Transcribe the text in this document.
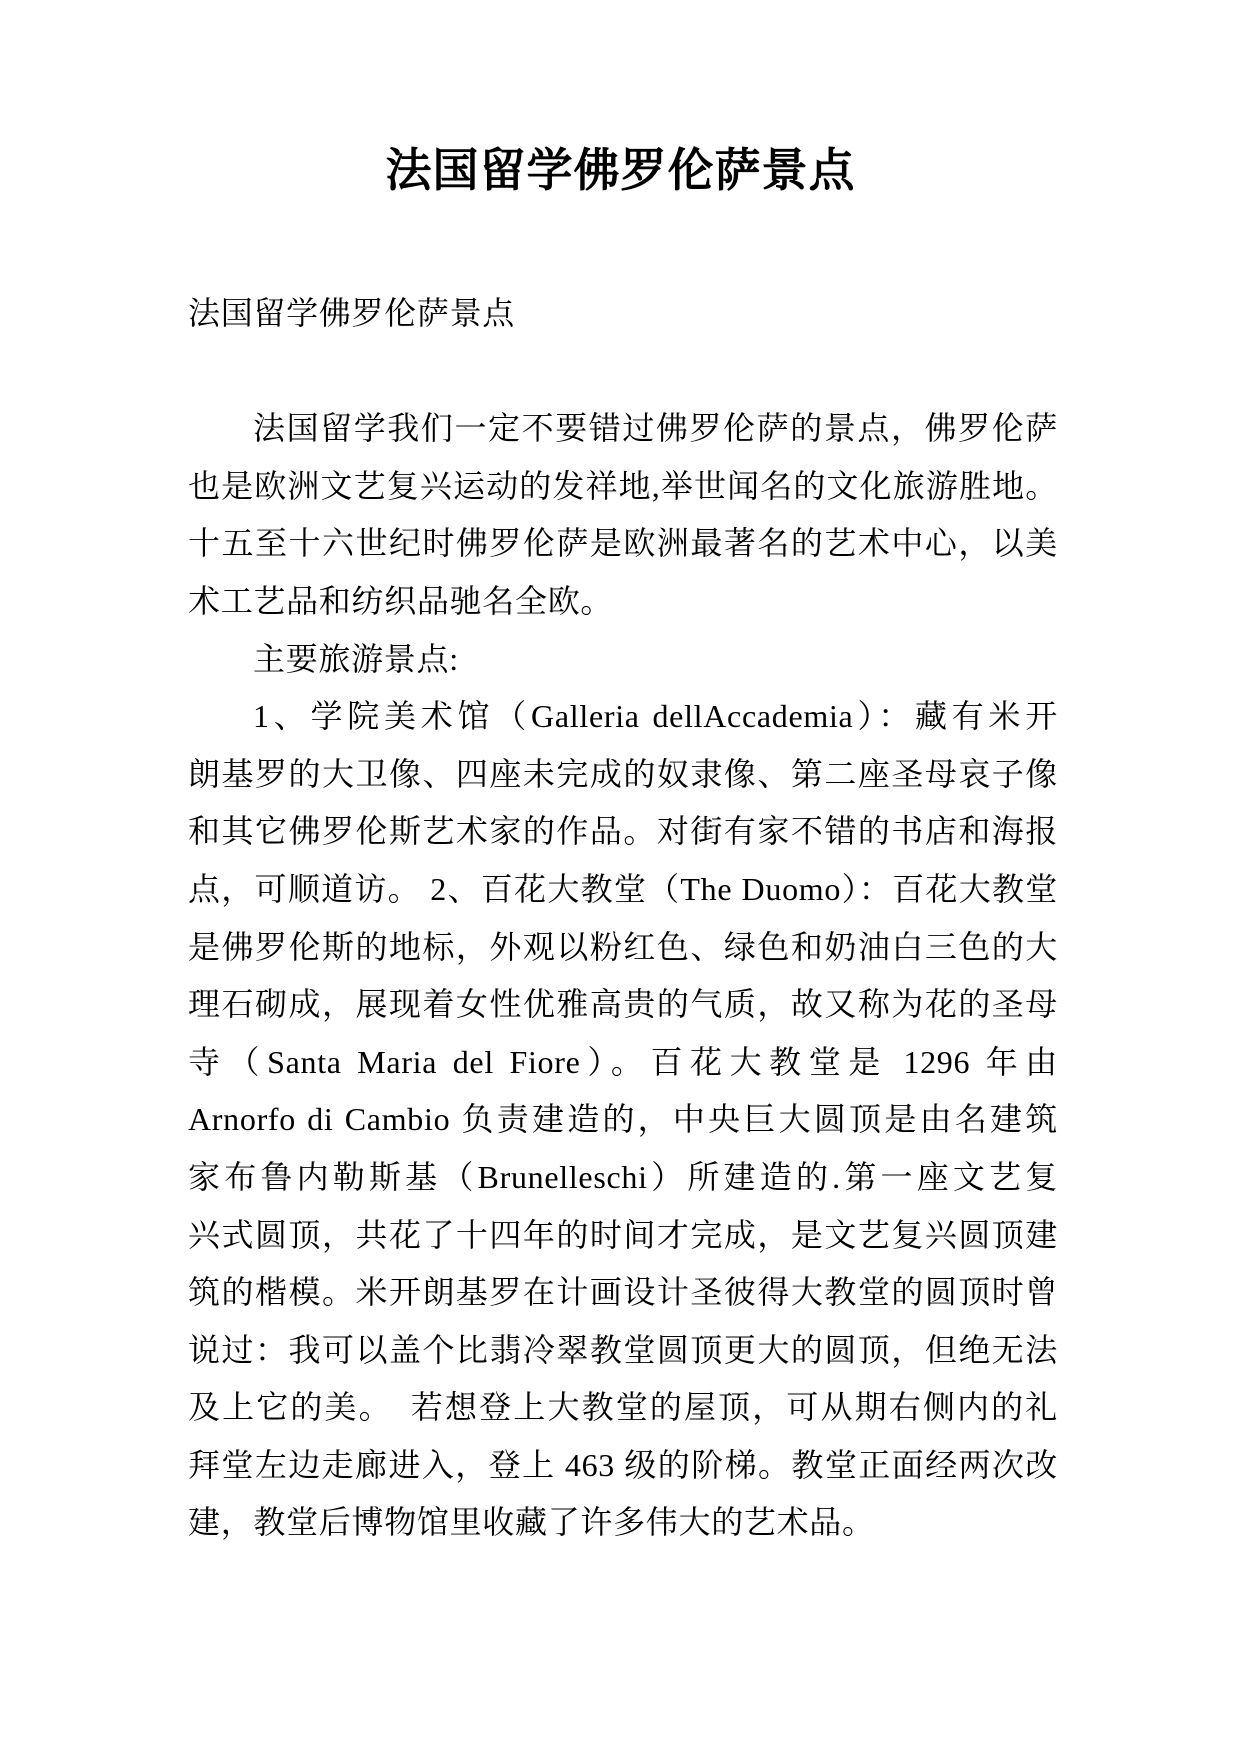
法国留学佛罗伦萨景点
法国留学佛罗伦萨景点
法国留学我们一定不要错过佛罗伦萨的景点，佛罗伦萨
也是欧洲文艺复兴运动的发祥地,举世闻名的文化旅游胜地。
十五至十六世纪时佛罗伦萨是欧洲最著名的艺术中心，以美
术工艺品和纺织品驰名全欧。
主要旅游景点:
1、学院美术馆（Galleria dellAccademia）：藏有米开
朗基罗的大卫像、四座未完成的奴隶像、第二座圣母哀子像
和其它佛罗伦斯艺术家的作品。对街有家不错的书店和海报
点，可顺道访。 2、百花大教堂（The Duomo）：百花大教堂
是佛罗伦斯的地标，外观以粉红色、绿色和奶油白三色的大
理石砌成，展现着女性优雅高贵的气质，故又称为花的圣母
寺（Santa Maria del Fiore）。百花大教堂是 1296 年由
Arnorfo di Cambio 负责建造的，中央巨大圆顶是由名建筑
家布鲁内勒斯基（Brunelleschi）所建造的.第一座文艺复
兴式圆顶，共花了十四年的时间才完成，是文艺复兴圆顶建
筑的楷模。米开朗基罗在计画设计圣彼得大教堂的圆顶时曾
说过：我可以盖个比翡冷翠教堂圆顶更大的圆顶，但绝无法
及上它的美。　若想登上大教堂的屋顶，可从期右侧内的礼
拜堂左边走廊进入，登上 463 级的阶梯。教堂正面经两次改
建，教堂后博物馆里收藏了许多伟大的艺术品。
